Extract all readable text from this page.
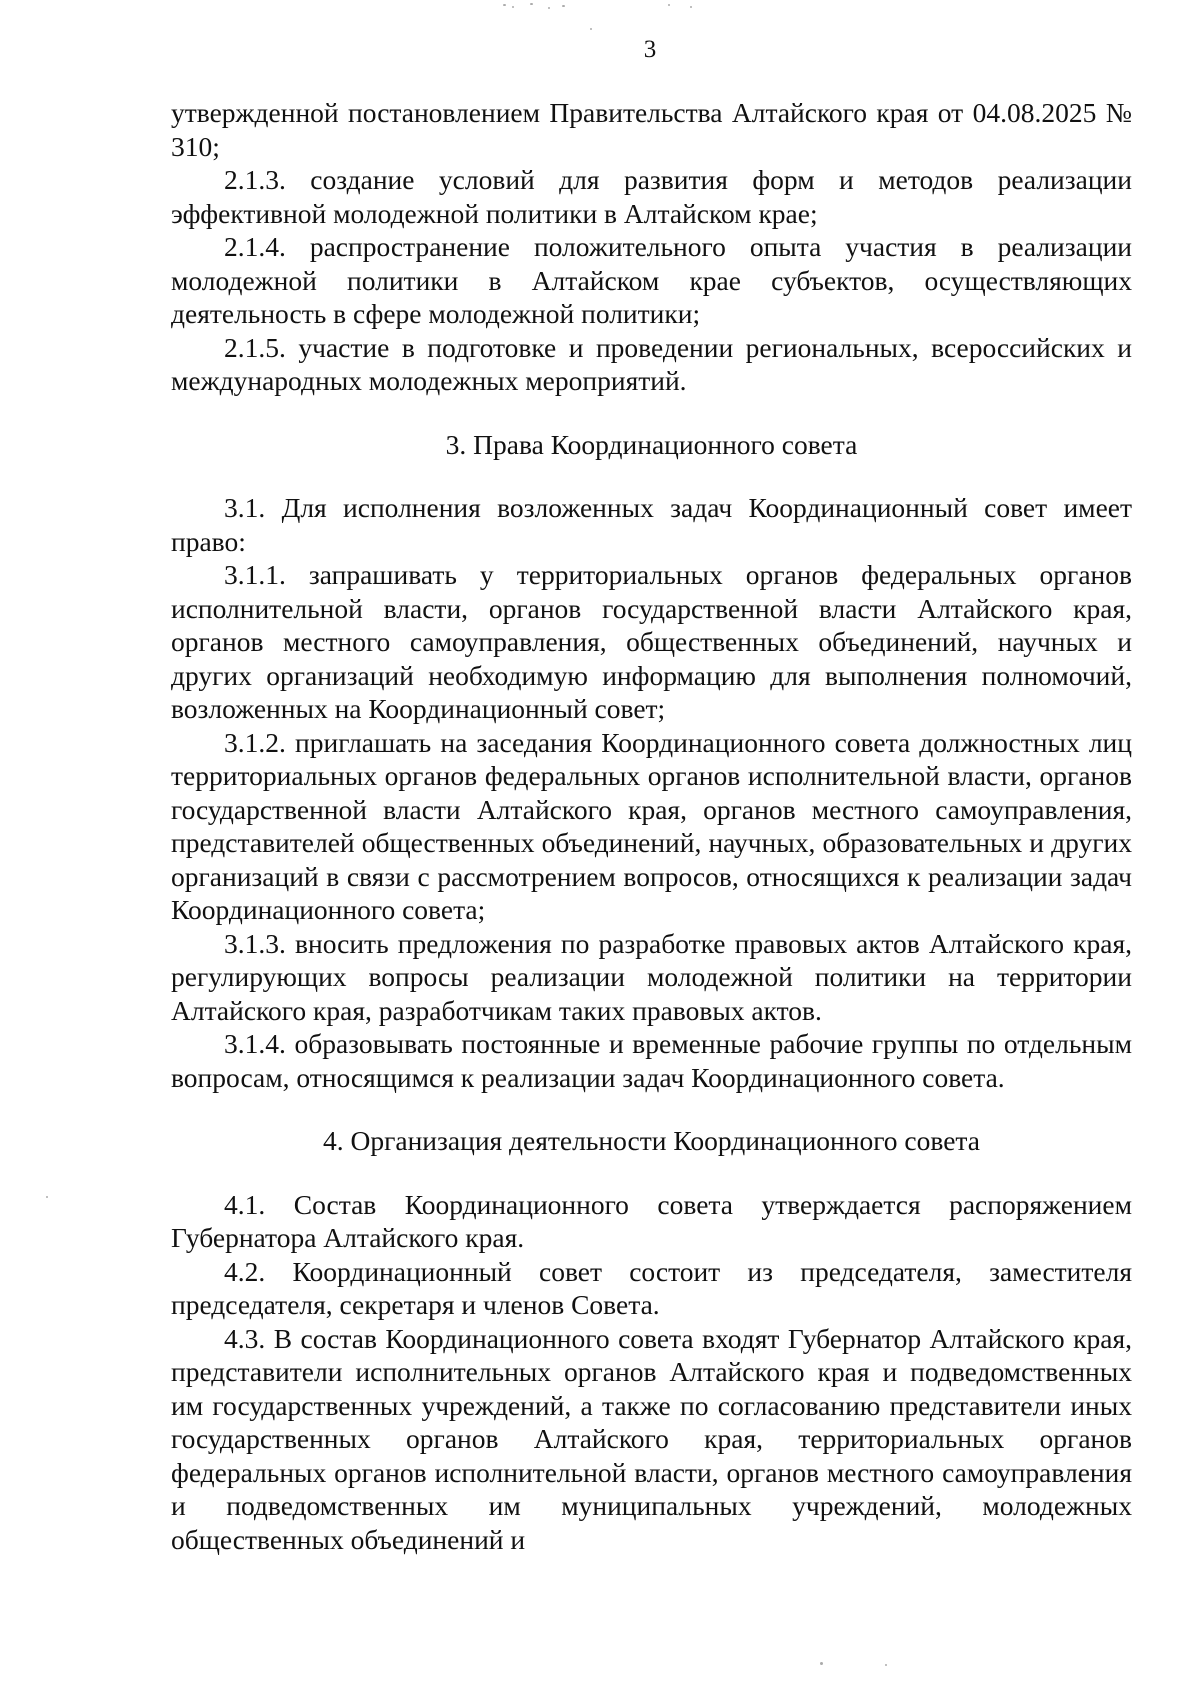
3

утвержденной постановлением Правительства Алтайского края от 04.08.2025 № 310;

2.1.3. создание условий для развития форм и методов реализации эффективной молодежной политики в Алтайском крае;

2.1.4. распространение положительного опыта участия в реализации молодежной политики в Алтайском крае субъектов, осуществляющих деятельность в сфере молодежной политики;

2.1.5. участие в подготовке и проведении региональных, всероссийских и международных молодежных мероприятий.

3. Права Координационного совета

3.1. Для исполнения возложенных задач Координационный совет имеет право:

3.1.1. запрашивать у территориальных органов федеральных органов исполнительной власти, органов государственной власти Алтайского края, органов местного самоуправления, общественных объединений, научных и других организаций необходимую информацию для выполнения полномочий, возложенных на Координационный совет;

3.1.2. приглашать на заседания Координационного совета должностных лиц территориальных органов федеральных органов исполнительной власти, органов государственной власти Алтайского края, органов местного самоуправления, представителей общественных объединений, научных, образовательных и других организаций в связи с рассмотрением вопросов, относящихся к реализации задач Координационного совета;

3.1.3. вносить предложения по разработке правовых актов Алтайского края, регулирующих вопросы реализации молодежной политики на территории Алтайского края, разработчикам таких правовых актов.

3.1.4. образовывать постоянные и временные рабочие группы по отдельным вопросам, относящимся к реализации задач Координационного совета.

4. Организация деятельности Координационного совета

4.1. Состав Координационного совета утверждается распоряжением Губернатора Алтайского края.

4.2. Координационный совет состоит из председателя, заместителя председателя, секретаря и членов Совета.

4.3. В состав Координационного совета входят Губернатор Алтайского края, представители исполнительных органов Алтайского края и подведомственных им государственных учреждений, а также по согласованию представители иных государственных органов Алтайского края, территориальных органов федеральных органов исполнительной власти, органов местного самоуправления и подведомственных им муниципальных учреждений, молодежных общественных объединений и
